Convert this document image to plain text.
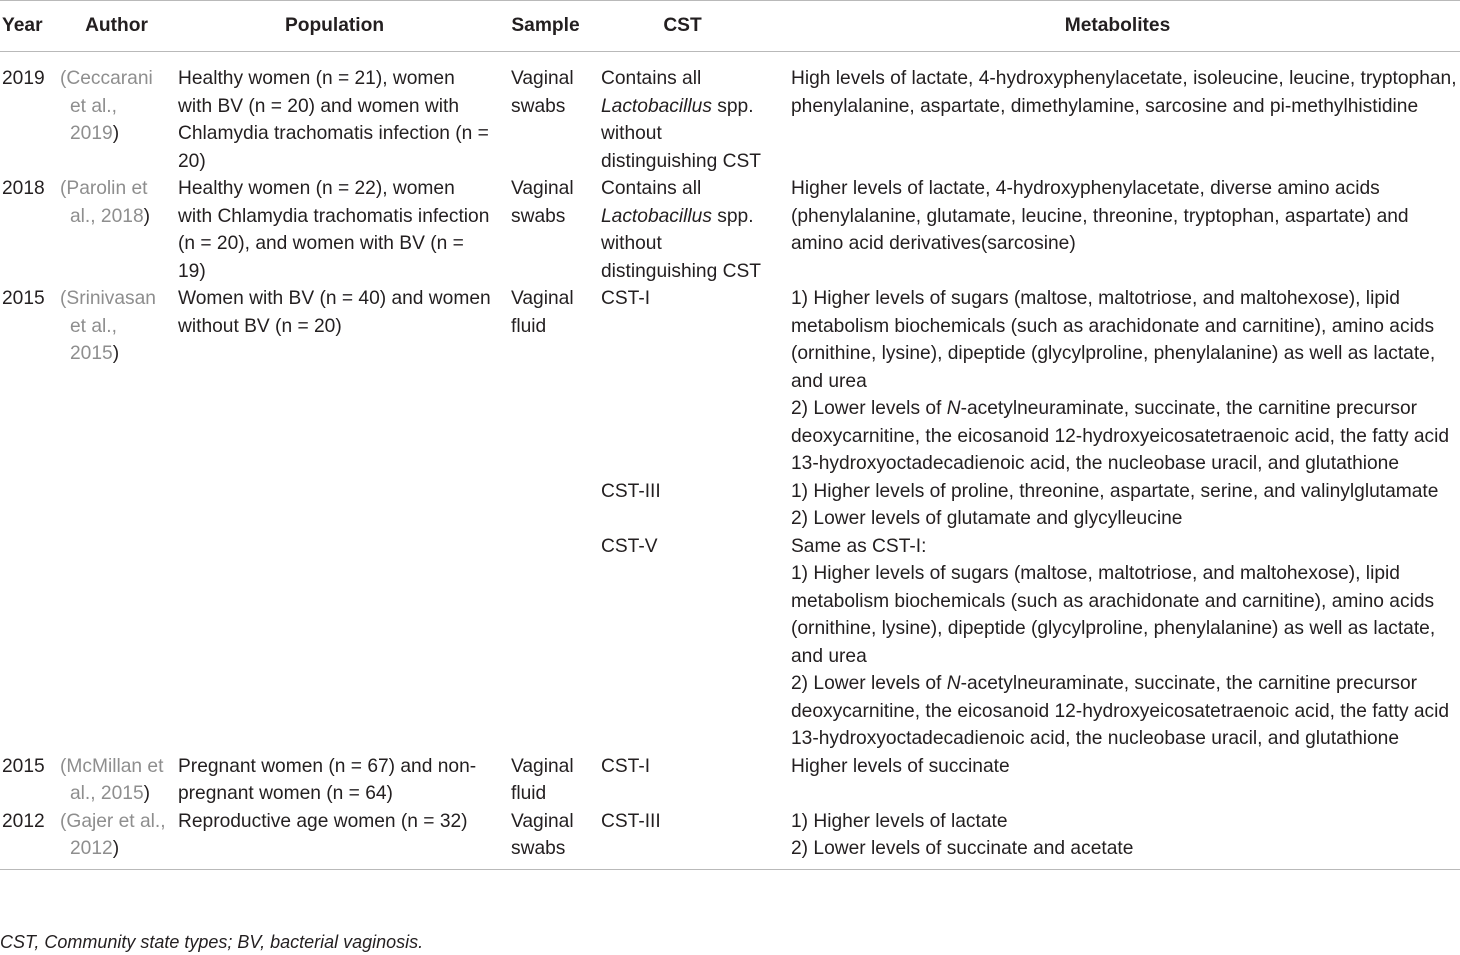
Year	Author	Population	Sample	CST	Metabolites
2019	(Ceccarani et al., 2019)	Healthy women (n = 21), women with BV (n = 20) and women with Chlamydia trachomatis infection (n = 20)	Vaginal swabs	Contains all Lactobacillus spp. without distinguishing CST	High levels of lactate, 4-hydroxyphenylacetate, isoleucine, leucine, tryptophan, phenylalanine, aspartate, dimethylamine, sarcosine and pi-methylhistidine
2018	(Parolin et al., 2018)	Healthy women (n = 22), women with Chlamydia trachomatis infection (n = 20), and women with BV (n = 19)	Vaginal swabs	Contains all Lactobacillus spp. without distinguishing CST	Higher levels of lactate, 4-hydroxyphenylacetate, diverse amino acids (phenylalanine, glutamate, leucine, threonine, tryptophan, aspartate) and amino acid derivatives(sarcosine)
2015	(Srinivasan et al., 2015)	Women with BV (n = 40) and women without BV (n = 20)	Vaginal fluid	CST-I	1) Higher levels of sugars (maltose, maltotriose, and maltohexose), lipid metabolism biochemicals (such as arachidonate and carnitine), amino acids (ornithine, lysine), dipeptide (glycylproline, phenylalanine) as well as lactate, and urea
2) Lower levels of N-acetylneuraminate, succinate, the carnitine precursor deoxycarnitine, the eicosanoid 12-hydroxyeicosatetraenoic acid, the fatty acid 13-hydroxyoctadecadienoic acid, the nucleobase uracil, and glutathione

				CST-III	1) Higher levels of proline, threonine, aspartate, serine, and valinylglutamate
2) Lower levels of glutamate and glycylleucine

				CST-V	Same as CST-I:
1) Higher levels of sugars (maltose, maltotriose, and maltohexose), lipid metabolism biochemicals (such as arachidonate and carnitine), amino acids (ornithine, lysine), dipeptide (glycylproline, phenylalanine) as well as lactate, and urea
2) Lower levels of N-acetylneuraminate, succinate, the carnitine precursor deoxycarnitine, the eicosanoid 12-hydroxyeicosatetraenoic acid, the fatty acid 13-hydroxyoctadecadienoic acid, the nucleobase uracil, and glutathione

2015	(McMillan et al., 2015)	Pregnant women (n = 67) and non-pregnant women (n = 64)	Vaginal fluid	CST-I	Higher levels of succinate
2012	(Gajer et al., 2012)	Reproductive age women (n = 32)	Vaginal swabs	CST-III	1) Higher levels of lactate
2) Lower levels of succinate and acetate
CST, Community state types; BV, bacterial vaginosis.
